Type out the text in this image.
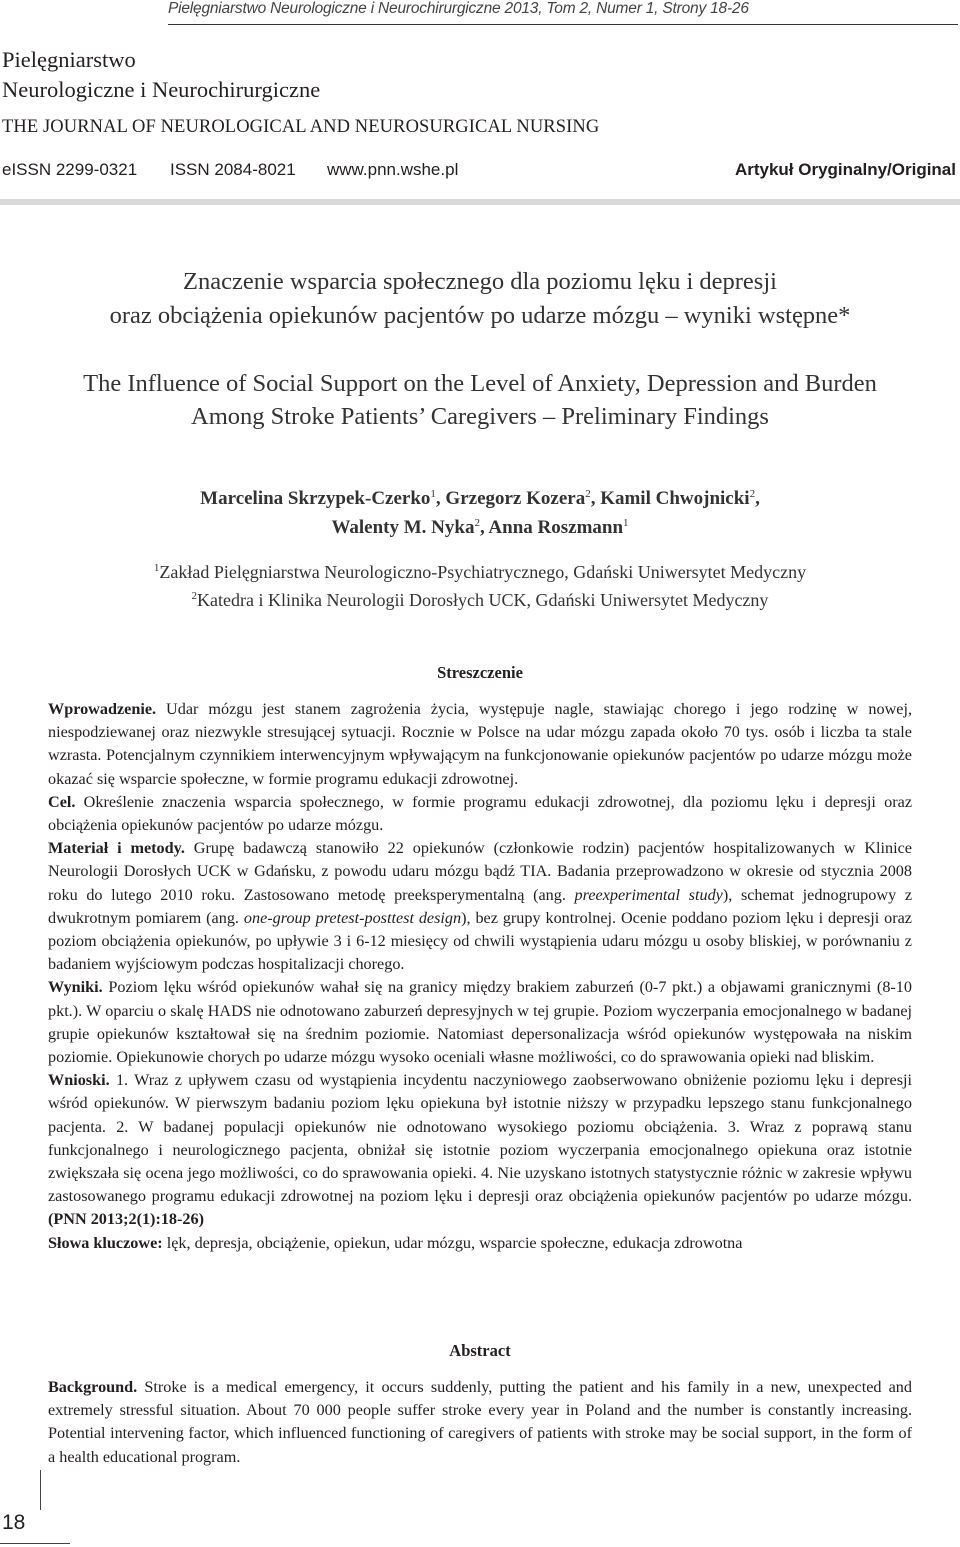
Pielęgniarstwo Neurologiczne i Neurochirurgiczne 2013, Tom 2, Numer 1, Strony 18-26
Pielęgniarstwo
Neurologiczne i Neurochirurgiczne
THE JOURNAL OF NEUROLOGICAL AND NEUROSURGICAL NURSING
eISSN 2299-0321 ISSN 2084-8021 www.pnn.wshe.pl	Artykuł Oryginalny/Original
Znaczenie wsparcia społecznego dla poziomu lęku i depresji
oraz obciążenia opiekunów pacjentów po udarze mózgu – wyniki wstępne*
The Influence of Social Support on the Level of Anxiety, Depression and Burden
Among Stroke Patients’ Caregivers – Preliminary Findings
Marcelina Skrzypek-Czerko$^1$, Grzegorz Kozera$^2$, Kamil Chwojnicki$^2$,
Walenty M. Nyka$^2$, Anna Roszmann$^1$
$^1$Zakład Pielęgniarstwa Neurologiczno-Psychiatrycznego, Gdański Uniwersytet Medyczny
$^2$Katedra i Klinika Neurologii Dorosłych UCK, Gdański Uniwersytet Medyczny
Streszczenie
Wprowadzenie. Udar mózgu jest stanem zagrożenia życia, występuje nagle, stawiając chorego i jego rodzinę w nowej, niespodziewanej oraz niezwykle stresującej sytuacji. Rocznie w Polsce na udar mózgu zapada około 70 tys. osób i liczba ta stale wzrasta. Potencjalnym czynnikiem interwencyjnym wpływającym na funkcjonowanie opiekunów pacjentów po udarze mózgu może okazać się wsparcie społeczne, w formie programu edukacji zdrowotnej.
Cel. Określenie znaczenia wsparcia społecznego, w formie programu edukacji zdrowotnej, dla poziomu lęku i depresji oraz obciążenia opiekunów pacjentów po udarze mózgu.
Materiał i metody. Grupę badawczą stanowiło 22 opiekunów (członkowie rodzin) pacjentów hospitalizowanych w Klinice Neurologii Dorosłych UCK w Gdańsku, z powodu udaru mózgu bądź TIA. Badania przeprowadzono w okresie od stycznia 2008 roku do lutego 2010 roku. Zastosowano metodę preeksperymentalną (ang. preexperimental study), schemat jednogrupowy z dwukrotnym pomiarem (ang. one-group pretest-posttest design), bez grupy kontrolnej. Ocenie poddano poziom lęku i depresji oraz poziom obciążenia opiekunów, po upływie 3 i 6-12 miesięcy od chwili wystąpienia udaru mózgu u osoby bliskiej, w porównaniu z badaniem wyjściowym podczas hospitalizacji chorego.
Wyniki. Poziom lęku wśród opiekunów wahał się na granicy między brakiem zaburzeń (0-7 pkt.) a objawami granicznymi (8-10 pkt.). W oparciu o skalę HADS nie odnotowano zaburzeń depresyjnych w tej grupie. Poziom wyczerpania emocjonalnego w badanej grupie opiekunów kształtował się na średnim poziomie. Natomiast depersonalizacja wśród opiekunów występowała na niskim poziomie. Opiekunowie chorych po udarze mózgu wysoko oceniali własne możliwości, co do sprawowania opieki nad bliskim.
Wnioski. 1. Wraz z upływem czasu od wystąpienia incydentu naczyniowego zaobserwowano obniżenie poziomu lęku i depresji wśród opiekunów. W pierwszym badaniu poziom lęku opiekuna był istotnie niższy w przypadku lepszego stanu funkcjonalnego pacjenta. 2. W badanej populacji opiekunów nie odnotowano wysokiego poziomu obciążenia. 3. Wraz z poprawą stanu funkcjonalnego i neurologicznego pacjenta, obniżał się istotnie poziom wyczerpania emocjonalnego opiekuna oraz istotnie zwiększała się ocena jego możliwości, co do sprawowania opieki. 4. Nie uzyskano istotnych statystycznie różnic w zakresie wpływu zastosowanego programu edukacji zdrowotnej na poziom lęku i depresji oraz obciążenia opiekunów pacjentów po udarze mózgu. (PNN 2013;2(1):18-26)
Słowa kluczowe: lęk, depresja, obciążenie, opiekun, udar mózgu, wsparcie społeczne, edukacja zdrowotna
Abstract
Background. Stroke is a medical emergency, it occurs suddenly, putting the patient and his family in a new, unexpected and extremely stressful situation. About 70 000 people suffer stroke every year in Poland and the number is constantly increasing. Potential intervening factor, which influenced functioning of caregivers of patients with stroke may be social support, in the form of a health educational program.
18
